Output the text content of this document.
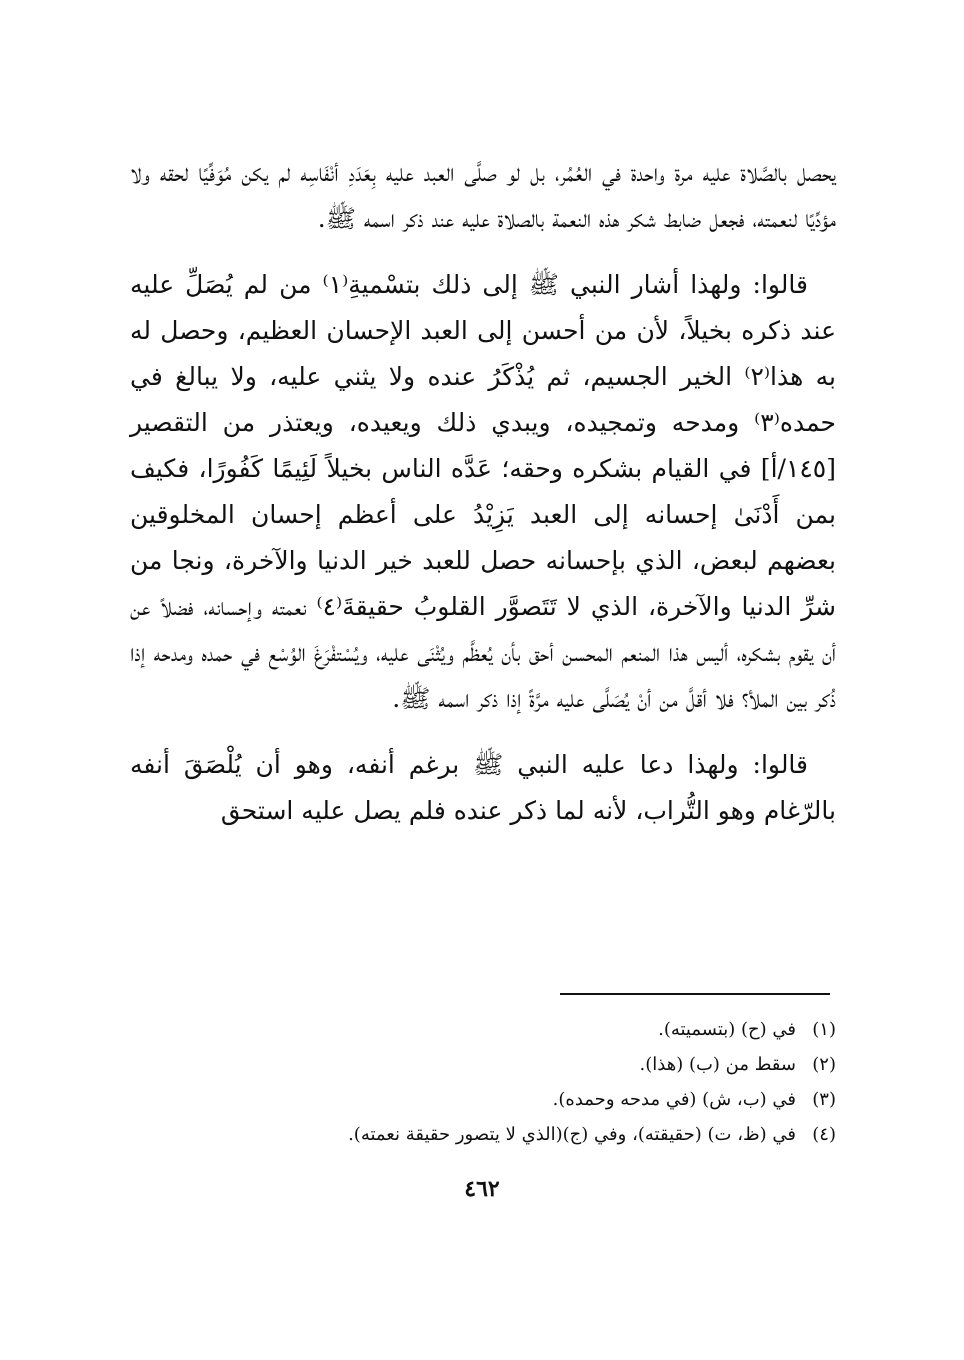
يحصل بالصَّلاة عليه مرة واحدة في العُمُر، بل لو صلَّى العبد عليه بِعَدَدِ أنْفَاسِه لم يكن مُوَفِّيًا لحقه ولا مؤدِّيًا لنعمته، فجعل ضابط شكر هذه النعمة بالصلاة عليه عند ذكر اسمه ﷺ.

قالوا: ولهذا أشار النبي ﷺ إلى ذلك بتسْميةِ⁽١⁾ من لم يُصَلِّ عليه عند ذكره بخيلاً، لأن من أحسن إلى العبد الإحسان العظيم، وحصل له به هذا⁽٢⁾ الخير الجسيم، ثم يُذْكَرُ عنده ولا يثني عليه، ولا يبالغ في حمده⁽٣⁾ ومدحه وتمجيده، ويبدي ذلك ويعيده، ويعتذر من التقصير [١٤٥/أ] في القيام بشكره وحقه؛ عَدَّه الناس بخيلاً لَئِيمًا كَفُورًا، فكيف بمن أَدْنَىٰ إحسانه إلى العبد يَزِيْدُ على أعظم إحسان المخلوقين بعضهم لبعض، الذي بإحسانه حصل للعبد خير الدنيا والآخرة، ونجا من شرِّ الدنيا والآخرة، الذي لا تَتَصوَّر القلوبُ حقيقةَ⁽٤⁾ نعمته وإحسانه، فضلاً عن أن يقوم بشكره، أليس هذا المنعم المحسن أحق بأن يُعظَّم ويُثْنَى عليه، ويُسْتفْرَغَ الوُسْع في حمده ومدحه إذا ذُكر بين الملأ؟ فلا أقلَّ من أنْ يُصَلَّى عليه مرَّةً إذا ذكر اسمه ﷺ.

قالوا: ولهذا دعا عليه النبي ﷺ برغم أنفه، وهو أن يُلْصَقَ أنفه بالرّغام وهو التُّراب، لأنه لما ذكر عنده فلم يصل عليه استحق

(١)في (ح) (بتسميته).
(٢)سقط من (ب) (هذا).
(٣)في (ب، ش) (في مدحه وحمده).
(٤)في (ظ، ت) (حقيقته)، وفي (ج)(الذي لا يتصور حقيقة نعمته).
٤٦٢
